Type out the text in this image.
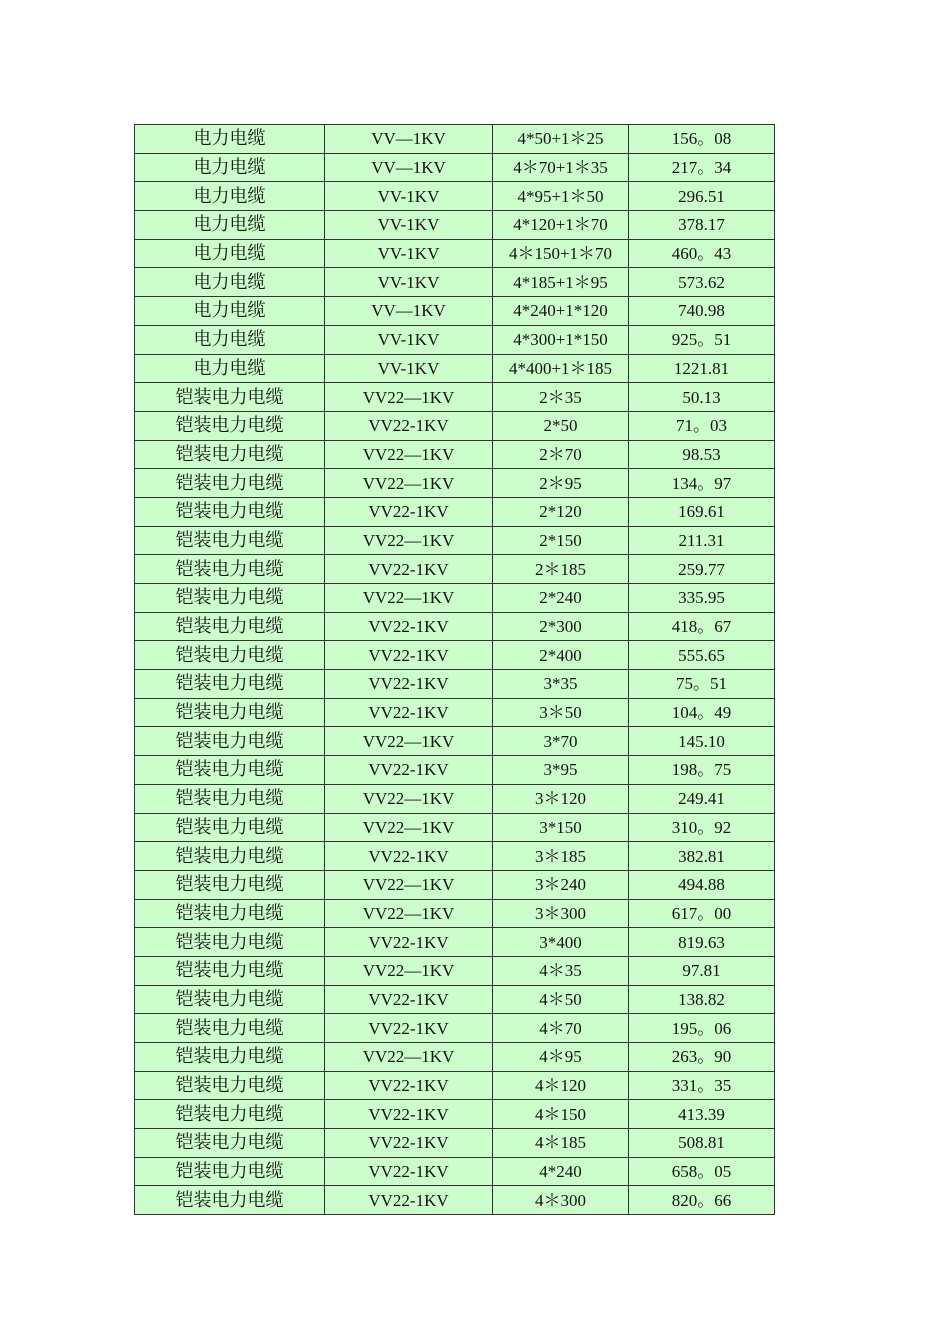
电力电缆	VV—1KV	4*50+1＊25	156。08
电力电缆	VV—1KV	4＊70+1＊35	217。34
电力电缆	VV-1KV	4*95+1＊50	296.51
电力电缆	VV-1KV	4*120+1＊70	378.17
电力电缆	VV-1KV	4＊150+1＊70	460。43
电力电缆	VV-1KV	4*185+1＊95	573.62
电力电缆	VV—1KV	4*240+1*120	740.98
电力电缆	VV-1KV	4*300+1*150	925。51
电力电缆	VV-1KV	4*400+1＊185	1221.81
铠装电力电缆	VV22—1KV	2＊35	50.13
铠装电力电缆	VV22-1KV	2*50	71。03
铠装电力电缆	VV22—1KV	2＊70	98.53
铠装电力电缆	VV22—1KV	2＊95	134。97
铠装电力电缆	VV22-1KV	2*120	169.61
铠装电力电缆	VV22—1KV	2*150	211.31
铠装电力电缆	VV22-1KV	2＊185	259.77
铠装电力电缆	VV22—1KV	2*240	335.95
铠装电力电缆	VV22-1KV	2*300	418。67
铠装电力电缆	VV22-1KV	2*400	555.65
铠装电力电缆	VV22-1KV	3*35	75。51
铠装电力电缆	VV22-1KV	3＊50	104。49
铠装电力电缆	VV22—1KV	3*70	145.10
铠装电力电缆	VV22-1KV	3*95	198。75
铠装电力电缆	VV22—1KV	3＊120	249.41
铠装电力电缆	VV22—1KV	3*150	310。92
铠装电力电缆	VV22-1KV	3＊185	382.81
铠装电力电缆	VV22—1KV	3＊240	494.88
铠装电力电缆	VV22—1KV	3＊300	617。00
铠装电力电缆	VV22-1KV	3*400	819.63
铠装电力电缆	VV22—1KV	4＊35	97.81
铠装电力电缆	VV22-1KV	4＊50	138.82
铠装电力电缆	VV22-1KV	4＊70	195。06
铠装电力电缆	VV22—1KV	4＊95	263。90
铠装电力电缆	VV22-1KV	4＊120	331。35
铠装电力电缆	VV22-1KV	4＊150	413.39
铠装电力电缆	VV22-1KV	4＊185	508.81
铠装电力电缆	VV22-1KV	4*240	658。05
铠装电力电缆	VV22-1KV	4＊300	820。66
